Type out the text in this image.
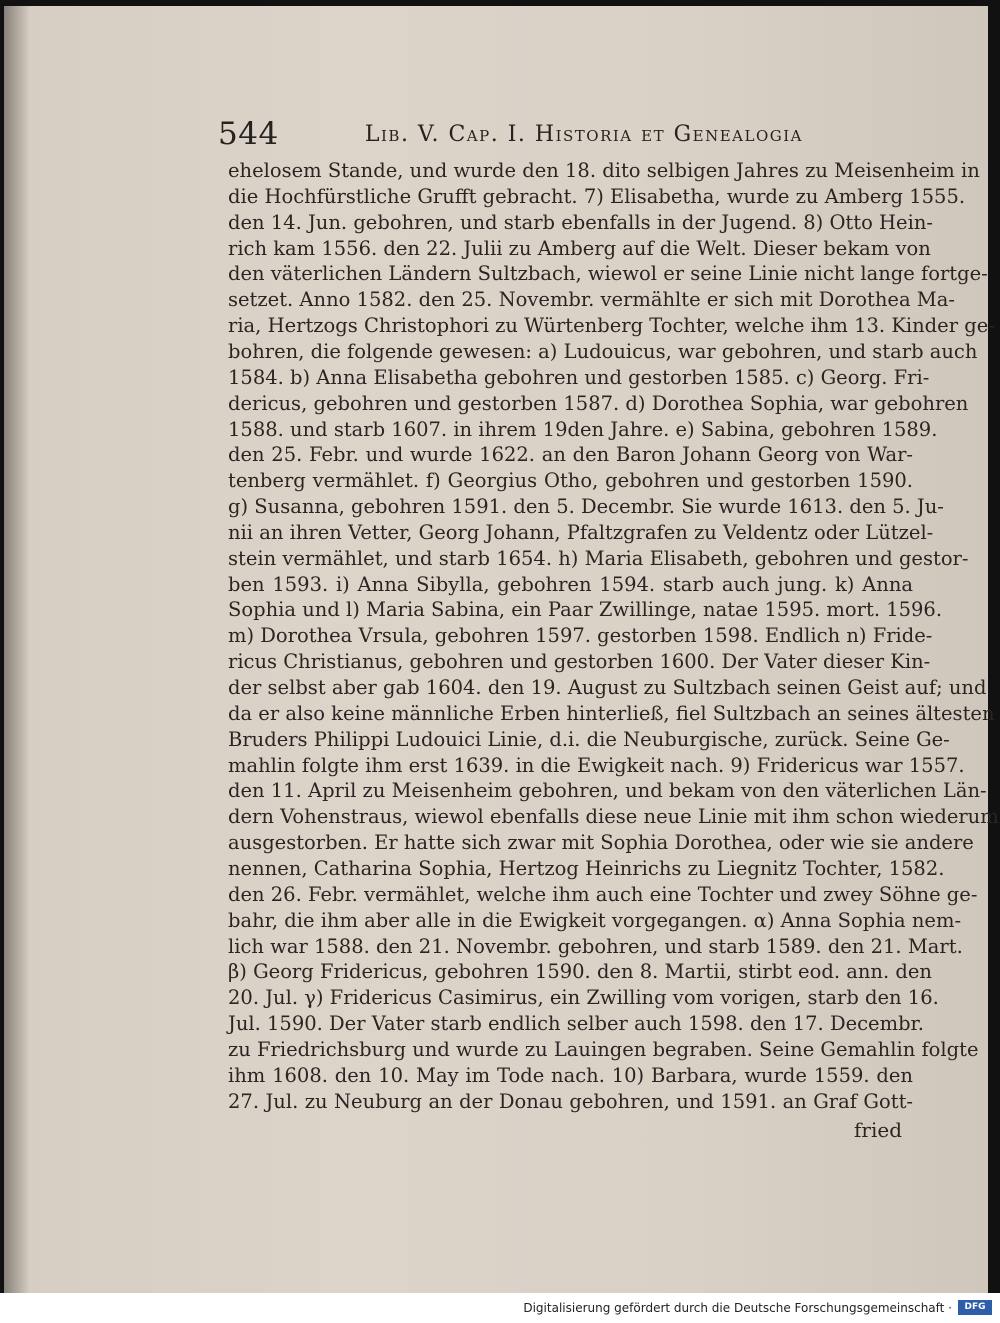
544	Lib. V. Cap. I. Historia et Genealogia
ehelosem Stande, und wurde den 18. dito selbigen Jahres zu Meisenheim in
die Hochfürstliche Grufft gebracht. 7) Elisabetha, wurde zu Amberg 1555.
den 14. Jun. gebohren, und starb ebenfalls in der Jugend. 8) Otto Hein-
rich kam 1556. den 22. Julii zu Amberg auf die Welt. Dieser bekam von
den väterlichen Ländern Sultzbach, wiewol er seine Linie nicht lange fortge-
setzet. Anno 1582. den 25. Novembr. vermählte er sich mit Dorothea Ma-
ria, Hertzogs Christophori zu Würtenberg Tochter, welche ihm 13. Kinder ge-
bohren, die folgende gewesen: a) Ludouicus, war gebohren, und starb auch
1584. b) Anna Elisabetha gebohren und gestorben 1585. c) Georg. Fri-
dericus, gebohren und gestorben 1587. d) Dorothea Sophia, war gebohren
1588. und starb 1607. in ihrem 19den Jahre. e) Sabina, gebohren 1589.
den 25. Febr. und wurde 1622. an den Baron Johann Georg von War-
tenberg vermählet. f) Georgius Otho, gebohren und gestorben 1590.
g) Susanna, gebohren 1591. den 5. Decembr. Sie wurde 1613. den 5. Ju-
nii an ihren Vetter, Georg Johann, Pfaltzgrafen zu Veldentz oder Lützel-
stein vermählet, und starb 1654. h) Maria Elisabeth, gebohren und gestor-
ben 1593. i) Anna Sibylla, gebohren 1594. starb auch jung. k) Anna
Sophia und l) Maria Sabina, ein Paar Zwillinge, natae 1595. mort. 1596.
m) Dorothea Vrsula, gebohren 1597. gestorben 1598. Endlich n) Fride-
ricus Christianus, gebohren und gestorben 1600. Der Vater dieser Kin-
der selbst aber gab 1604. den 19. August zu Sultzbach seinen Geist auf; und
da er also keine männliche Erben hinterließ, fiel Sultzbach an seines ältesten
Bruders Philippi Ludouici Linie, d.i. die Neuburgische, zurück. Seine Ge-
mahlin folgte ihm erst 1639. in die Ewigkeit nach. 9) Fridericus war 1557.
den 11. April zu Meisenheim gebohren, und bekam von den väterlichen Län-
dern Vohenstraus, wiewol ebenfalls diese neue Linie mit ihm schon wiederum
ausgestorben. Er hatte sich zwar mit Sophia Dorothea, oder wie sie andere
nennen, Catharina Sophia, Hertzog Heinrichs zu Liegnitz Tochter, 1582.
den 26. Febr. vermählet, welche ihm auch eine Tochter und zwey Söhne ge-
bahr, die ihm aber alle in die Ewigkeit vorgegangen. α) Anna Sophia nem-
lich war 1588. den 21. Novembr. gebohren, und starb 1589. den 21. Mart.
β) Georg Fridericus, gebohren 1590. den 8. Martii, stirbt eod. ann. den
20. Jul. γ) Fridericus Casimirus, ein Zwilling vom vorigen, starb den 16.
Jul. 1590. Der Vater starb endlich selber auch 1598. den 17. Decembr.
zu Friedrichsburg und wurde zu Lauingen begraben. Seine Gemahlin folgte
ihm 1608. den 10. May im Tode nach. 10) Barbara, wurde 1559. den
27. Jul. zu Neuburg an der Donau gebohren, und 1591. an Graf Gott-
fried
Digitalisierung gefördert durch die Deutsche Forschungsgemeinschaft ·	DFG
